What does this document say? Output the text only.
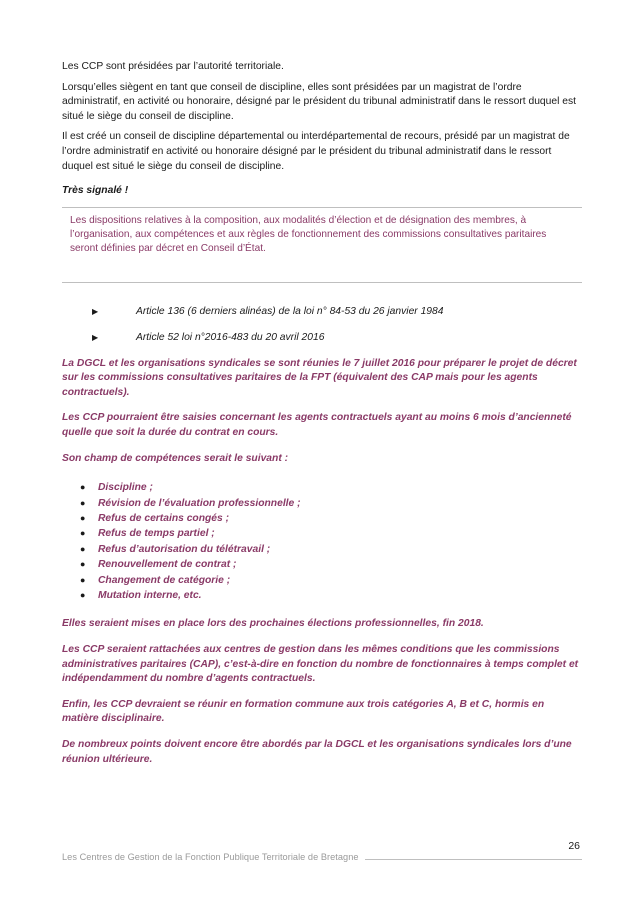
Les CCP sont présidées par l’autorité territoriale.

Lorsqu’elles siègent en tant que conseil de discipline, elles sont présidées par un magistrat de l’ordre administratif, en activité ou honoraire, désigné par le président du tribunal administratif dans le ressort duquel est situé le siège du conseil de discipline.

Il est créé un conseil de discipline départemental ou interdépartemental de recours, présidé par un magistrat de l’ordre administratif en activité ou honoraire désigné par le président du tribunal administratif dans le ressort duquel est situé le siège du conseil de discipline.

Très signalé !

Les dispositions relatives à la composition, aux modalités d’élection et de désignation des membres, à l’organisation, aux compétences et aux règles de fonctionnement des commissions consultatives paritaires seront définies par décret en Conseil d’État.
▶	Article 136 (6 derniers alinéas) de la loi n° 84-53 du 26 janvier 1984
▶	Article 52 loi n°2016-483 du 20 avril 2016

La DGCL et les organisations syndicales se sont réunies le 7 juillet 2016 pour préparer le projet de décret sur les commissions consultatives paritaires de la FPT (équivalent des CAP mais pour les agents contractuels).

Les CCP pourraient être saisies concernant les agents contractuels ayant au moins 6 mois d’ancienneté quelle que soit la durée du contrat en cours.

Son champ de compétences serait le suivant :

●	Discipline ;
●	Révision de l’évaluation professionnelle ;
●	Refus de certains congés ;
●	Refus de temps partiel ;
●	Refus d’autorisation du télétravail ;
●	Renouvellement de contrat ;
●	Changement de catégorie ;
●	Mutation interne, etc.

Elles seraient mises en place lors des prochaines élections professionnelles, fin 2018.

Les CCP seraient rattachées aux centres de gestion dans les mêmes conditions que les commissions administratives paritaires (CAP), c’est-à-dire en fonction du nombre de fonctionnaires à temps complet et indépendamment du nombre d’agents contractuels.

Enfin, les CCP devraient se réunir en formation commune aux trois catégories A, B et C, hormis en matière disciplinaire.

De nombreux points doivent encore être abordés par la DGCL et les organisations syndicales lors d’une réunion ultérieure.

26
Les Centres de Gestion de la Fonction Publique Territoriale de Bretagne
